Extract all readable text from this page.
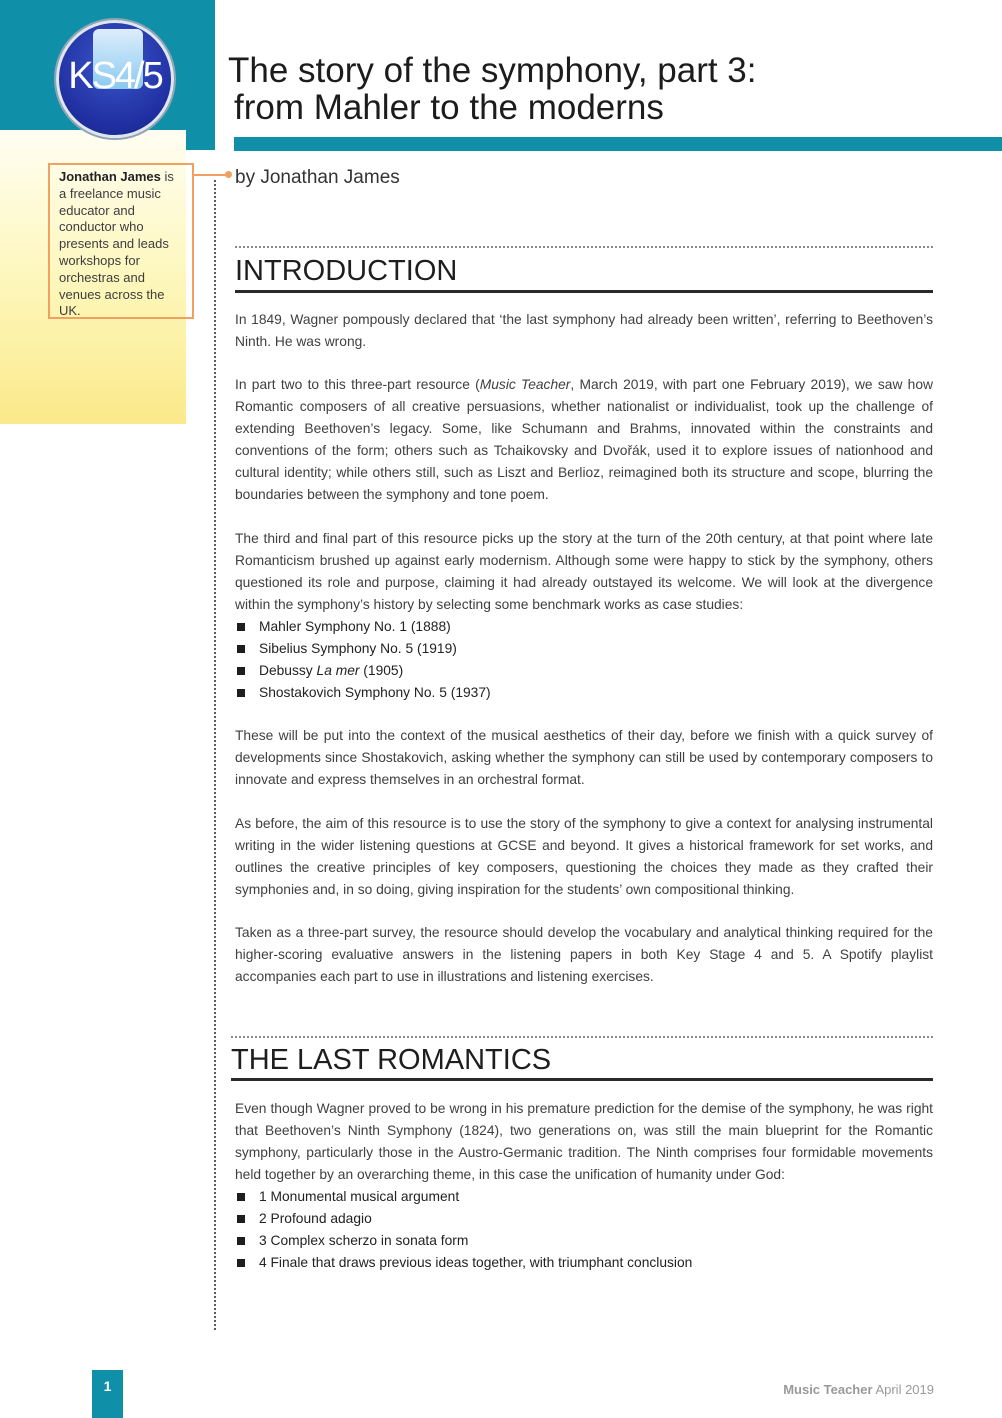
KS4/5 The story of the symphony, part 3:
from Mahler to the moderns
Jonathan James is a freelance music educator and conductor who presents and leads workshops for orchestras and venues across the UK.
by Jonathan James
INTRODUCTION
In 1849, Wagner pompously declared that ‘the last symphony had already been written’, referring to Beethoven’s Ninth. He was wrong.
In part two to this three-part resource (Music Teacher, March 2019, with part one February 2019), we saw how Romantic composers of all creative persuasions, whether nationalist or individualist, took up the challenge of extending Beethoven’s legacy. Some, like Schumann and Brahms, innovated within the constraints and conventions of the form; others such as Tchaikovsky and Dvořák, used it to explore issues of nationhood and cultural identity; while others still, such as Liszt and Berlioz, reimagined both its structure and scope, blurring the boundaries between the symphony and tone poem.
The third and final part of this resource picks up the story at the turn of the 20th century, at that point where late Romanticism brushed up against early modernism. Although some were happy to stick by the symphony, others questioned its role and purpose, claiming it had already outstayed its welcome. We will look at the divergence within the symphony’s history by selecting some benchmark works as case studies:
Mahler Symphony No. 1 (1888)
Sibelius Symphony No. 5 (1919)
Debussy La mer (1905)
Shostakovich Symphony No. 5 (1937)
These will be put into the context of the musical aesthetics of their day, before we finish with a quick survey of developments since Shostakovich, asking whether the symphony can still be used by contemporary composers to innovate and express themselves in an orchestral format.
As before, the aim of this resource is to use the story of the symphony to give a context for analysing instrumental writing in the wider listening questions at GCSE and beyond. It gives a historical framework for set works, and outlines the creative principles of key composers, questioning the choices they made as they crafted their symphonies and, in so doing, giving inspiration for the students’ own compositional thinking.
Taken as a three-part survey, the resource should develop the vocabulary and analytical thinking required for the higher-scoring evaluative answers in the listening papers in both Key Stage 4 and 5. A Spotify playlist accompanies each part to use in illustrations and listening exercises.
THE LAST ROMANTICS
Even though Wagner proved to be wrong in his premature prediction for the demise of the symphony, he was right that Beethoven’s Ninth Symphony (1824), two generations on, was still the main blueprint for the Romantic symphony, particularly those in the Austro-Germanic tradition. The Ninth comprises four formidable movements held together by an overarching theme, in this case the unification of humanity under God:
1 Monumental musical argument
2 Profound adagio
3 Complex scherzo in sonata form
4 Finale that draws previous ideas together, with triumphant conclusion
1	Music Teacher April 2019
